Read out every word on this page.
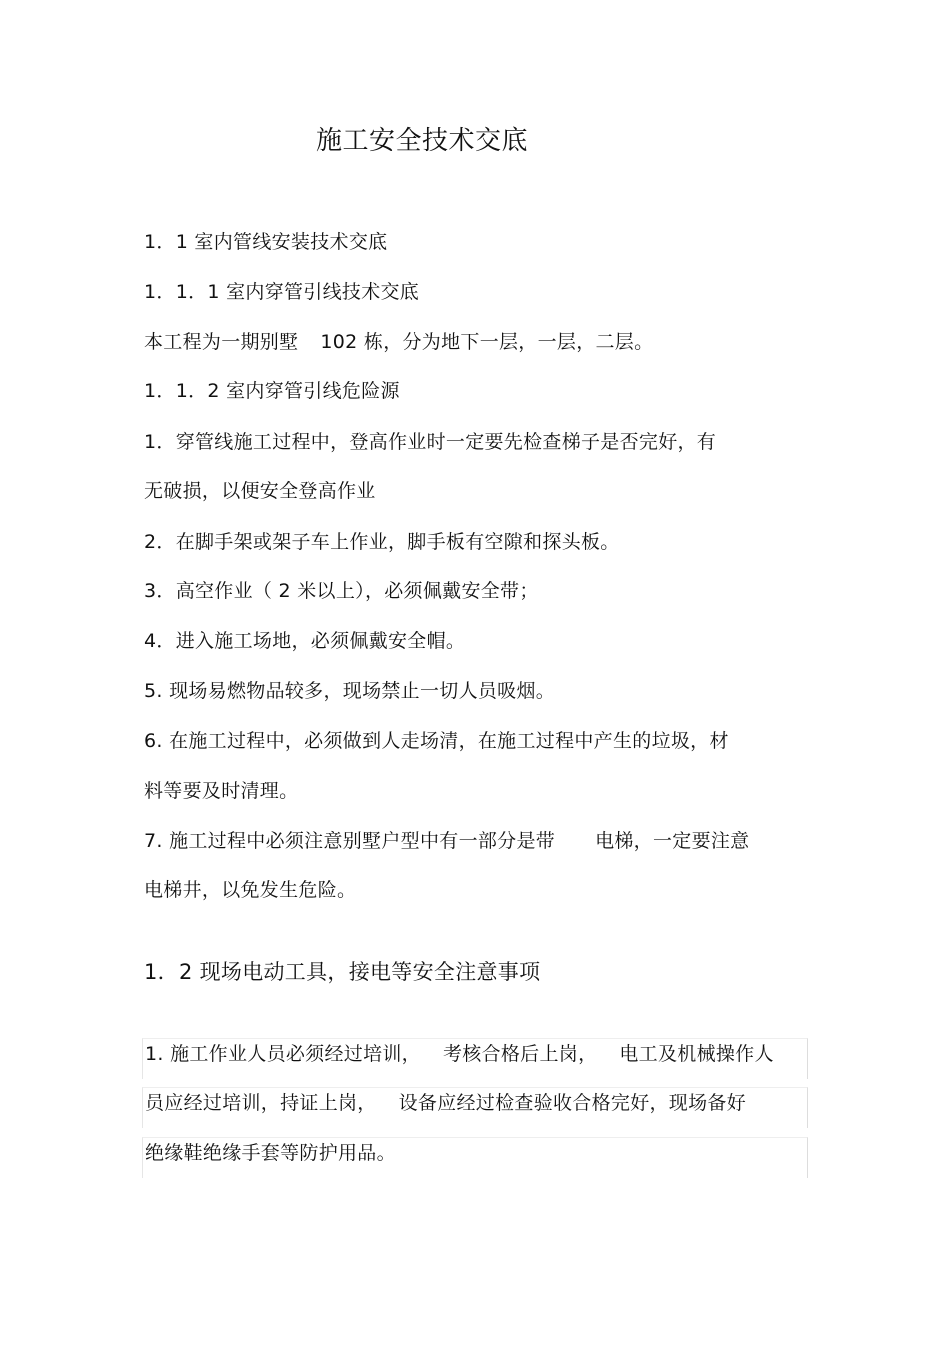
施工安全技术交底
1．1 室内管线安装技术交底
1．1．1 室内穿管引线技术交底
本工程为一期别墅 102 栋，分为地下一层，一层，二层。
1．1．2 室内穿管引线危险源
1．穿管线施工过程中，登高作业时一定要先检查梯子是否完好，有
无破损，以便安全登高作业
2．在脚手架或架子车上作业，脚手板有空隙和探头板。
3．高空作业（ 2 米以上），必须佩戴安全带；
4．进入施工场地，必须佩戴安全帽。
5. 现场易燃物品较多，现场禁止一切人员吸烟。
6. 在施工过程中，必须做到人走场清，在施工过程中产生的垃圾，材
料等要及时清理。
7. 施工过程中必须注意别墅户型中有一部分是带 电梯，一定要注意
电梯井，以免发生危险。
1．2 现场电动工具，接电等安全注意事项
1. 施工作业人员必须经过培训， 考核合格后上岗， 电工及机械操作人
员应经过培训，持证上岗， 设备应经过检查验收合格完好，现场备好
绝缘鞋绝缘手套等防护用品。
